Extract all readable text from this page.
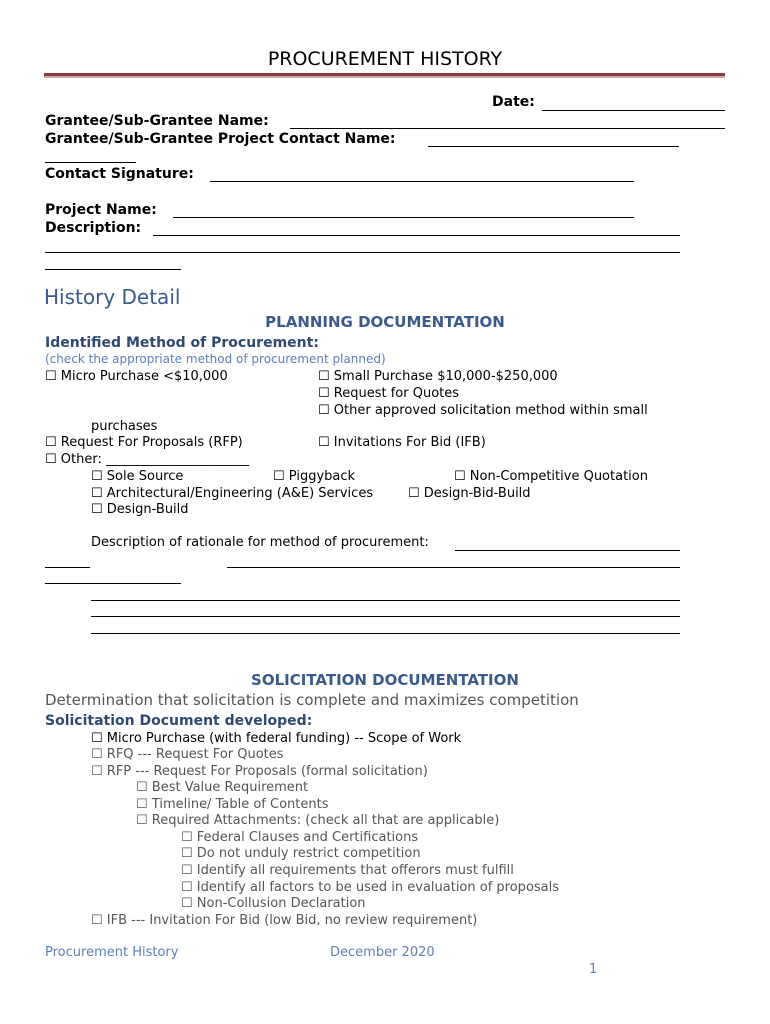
PROCUREMENT HISTORY
Date:
Grantee/Sub-Grantee Name:
Grantee/Sub-Grantee Project Contact Name:
Contact Signature:
Project Name:
Description:
History Detail
PLANNING DOCUMENTATION
Identified Method of Procurement:
(check the appropriate method of procurement planned)
☐ Micro Purchase <$10,000	☐ Small Purchase $10,000-$250,000
☐ Request for Quotes
☐ Other approved solicitation method within small
purchases
☐ Request For Proposals (RFP)	☐ Invitations For Bid (IFB)
☐ Other: ______________________
☐ Sole Source	☐ Piggyback	☐ Non-Competitive Quotation
☐ Architectural/Engineering (A&E) Services	☐ Design-Bid-Build
☐ Design-Build
Description of rationale for method of procurement:
SOLICITATION DOCUMENTATION
Determination that solicitation is complete and maximizes competition
Solicitation Document developed:
☐ Micro Purchase (with federal funding) -- Scope of Work
☐ RFQ --- Request For Quotes
☐ RFP --- Request For Proposals (formal solicitation)
☐ Best Value Requirement
☐ Timeline/ Table of Contents
☐ Required Attachments: (check all that are applicable)
☐ Federal Clauses and Certifications
☐ Do not unduly restrict competition
☐ Identify all requirements that offerors must fulfill
☐ Identify all factors to be used in evaluation of proposals
☐ Non-Collusion Declaration
☐ IFB --- Invitation For Bid (low Bid, no review requirement)
Procurement History	December 2020
1
